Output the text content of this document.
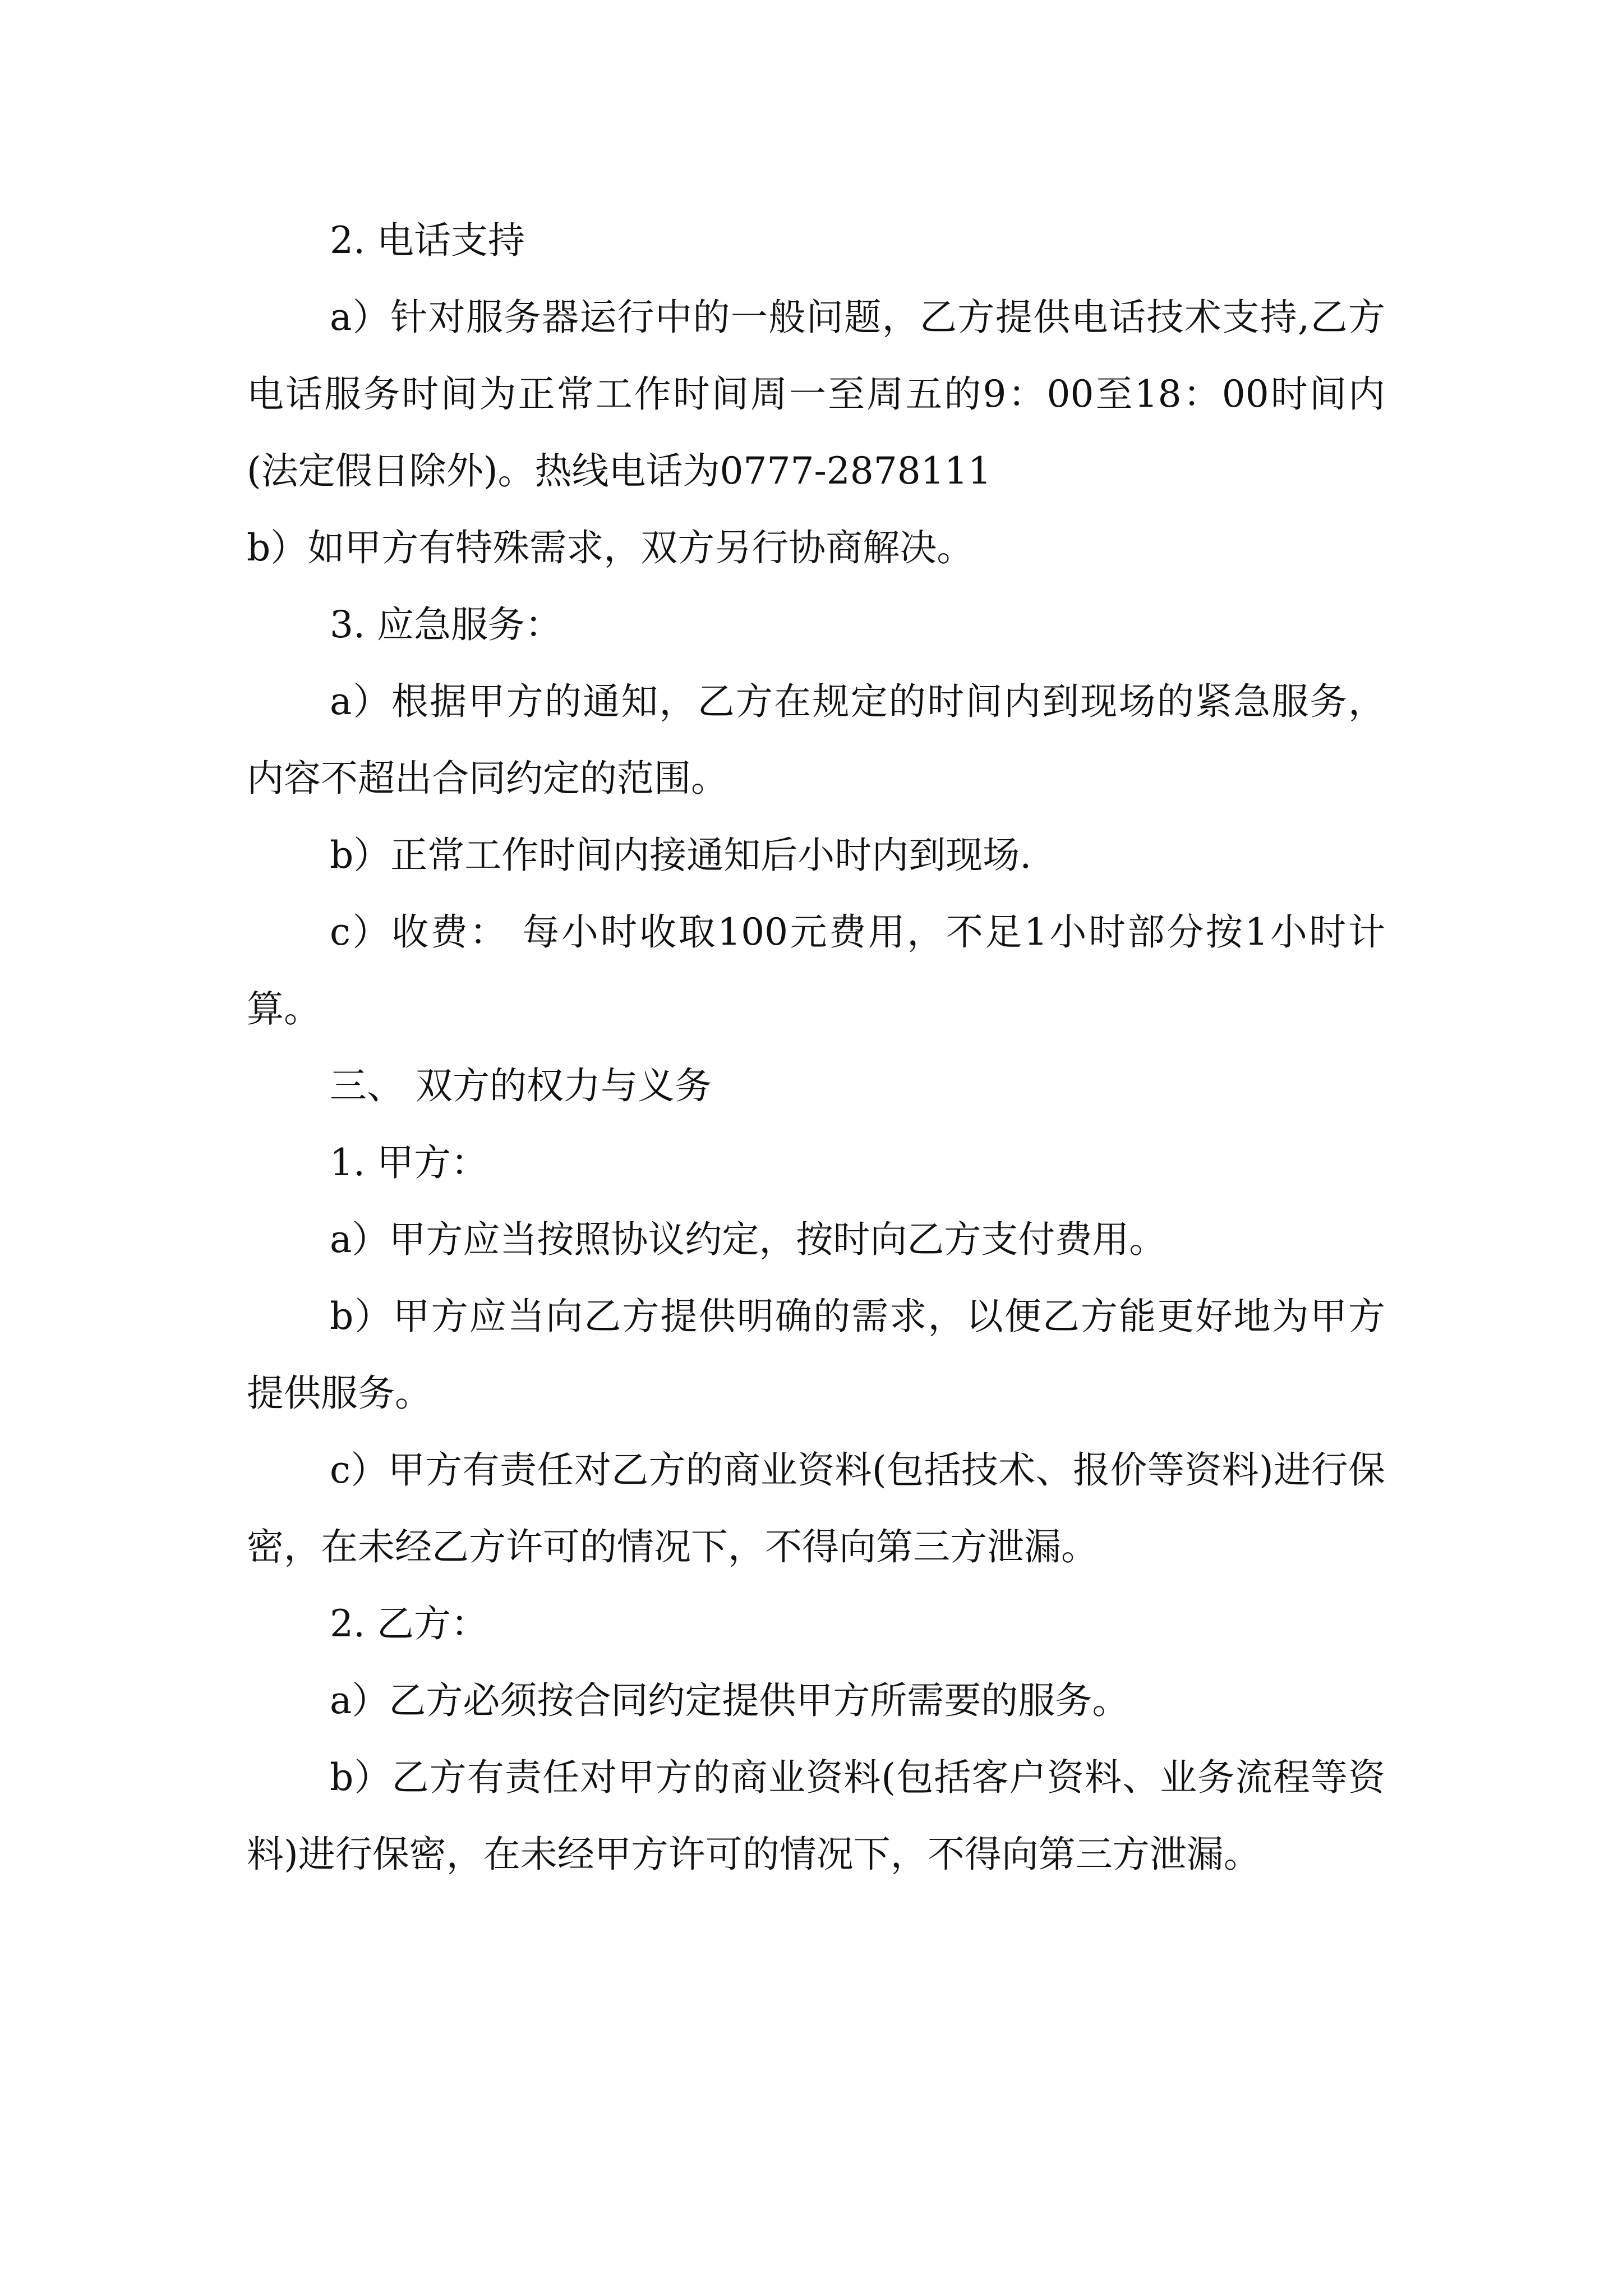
2. 电话支持

a）针对服务器运行中的一般问题，乙方提供电话技术支持,乙方电话服务时间为正常工作时间周一至周五的9：00至18：00时间内(法定假日除外)。热线电话为0777-2878111

b）如甲方有特殊需求，双方另行协商解决。

3. 应急服务：

a）根据甲方的通知，乙方在规定的时间内到现场的紧急服务，内容不超出合同约定的范围。

b）正常工作时间内接通知后小时内到现场.

c）收费： 每小时收取100元费用，不足1小时部分按1小时计算。

三、 双方的权力与义务

1. 甲方：

a）甲方应当按照协议约定，按时向乙方支付费用。

b）甲方应当向乙方提供明确的需求，以便乙方能更好地为甲方提供服务。

c）甲方有责任对乙方的商业资料(包括技术、报价等资料)进行保密，在未经乙方许可的情况下，不得向第三方泄漏。

2. 乙方：

a）乙方必须按合同约定提供甲方所需要的服务。

b）乙方有责任对甲方的商业资料(包括客户资料、业务流程等资料)进行保密，在未经甲方许可的情况下，不得向第三方泄漏。
